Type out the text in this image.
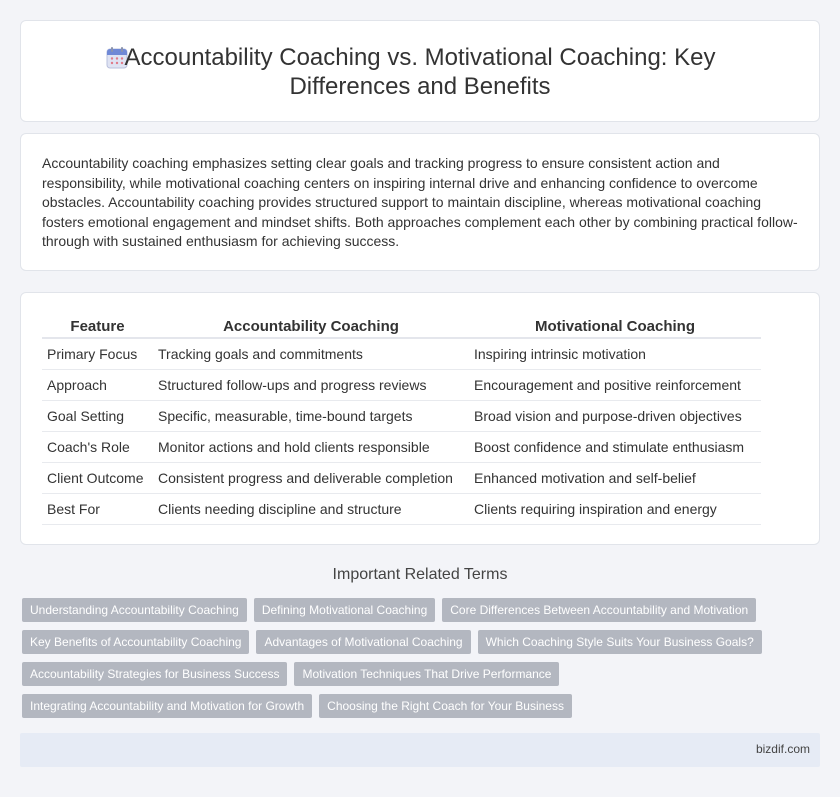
Accountability Coaching vs. Motivational Coaching: Key Differences and Benefits

Accountability coaching emphasizes setting clear goals and tracking progress to ensure consistent action and responsibility, while motivational coaching centers on inspiring internal drive and enhancing confidence to overcome obstacles. Accountability coaching provides structured support to maintain discipline, whereas motivational coaching fosters emotional engagement and mindset shifts. Both approaches complement each other by combining practical follow-through with sustained enthusiasm for achieving success.

Feature	Accountability Coaching	Motivational Coaching
Primary Focus	Tracking goals and commitments	Inspiring intrinsic motivation
Approach	Structured follow-ups and progress reviews	Encouragement and positive reinforcement
Goal Setting	Specific, measurable, time-bound targets	Broad vision and purpose-driven objectives
Coach's Role	Monitor actions and hold clients responsible	Boost confidence and stimulate enthusiasm
Client Outcome	Consistent progress and deliverable completion	Enhanced motivation and self-belief
Best For	Clients needing discipline and structure	Clients requiring inspiration and energy
Important Related Terms
Understanding Accountability Coaching	Defining Motivational Coaching	Core Differences Between Accountability and Motivation
Key Benefits of Accountability Coaching	Advantages of Motivational Coaching	Which Coaching Style Suits Your Business Goals?
Accountability Strategies for Business Success	Motivation Techniques That Drive Performance
Integrating Accountability and Motivation for Growth	Choosing the Right Coach for Your Business
bizdif.com
